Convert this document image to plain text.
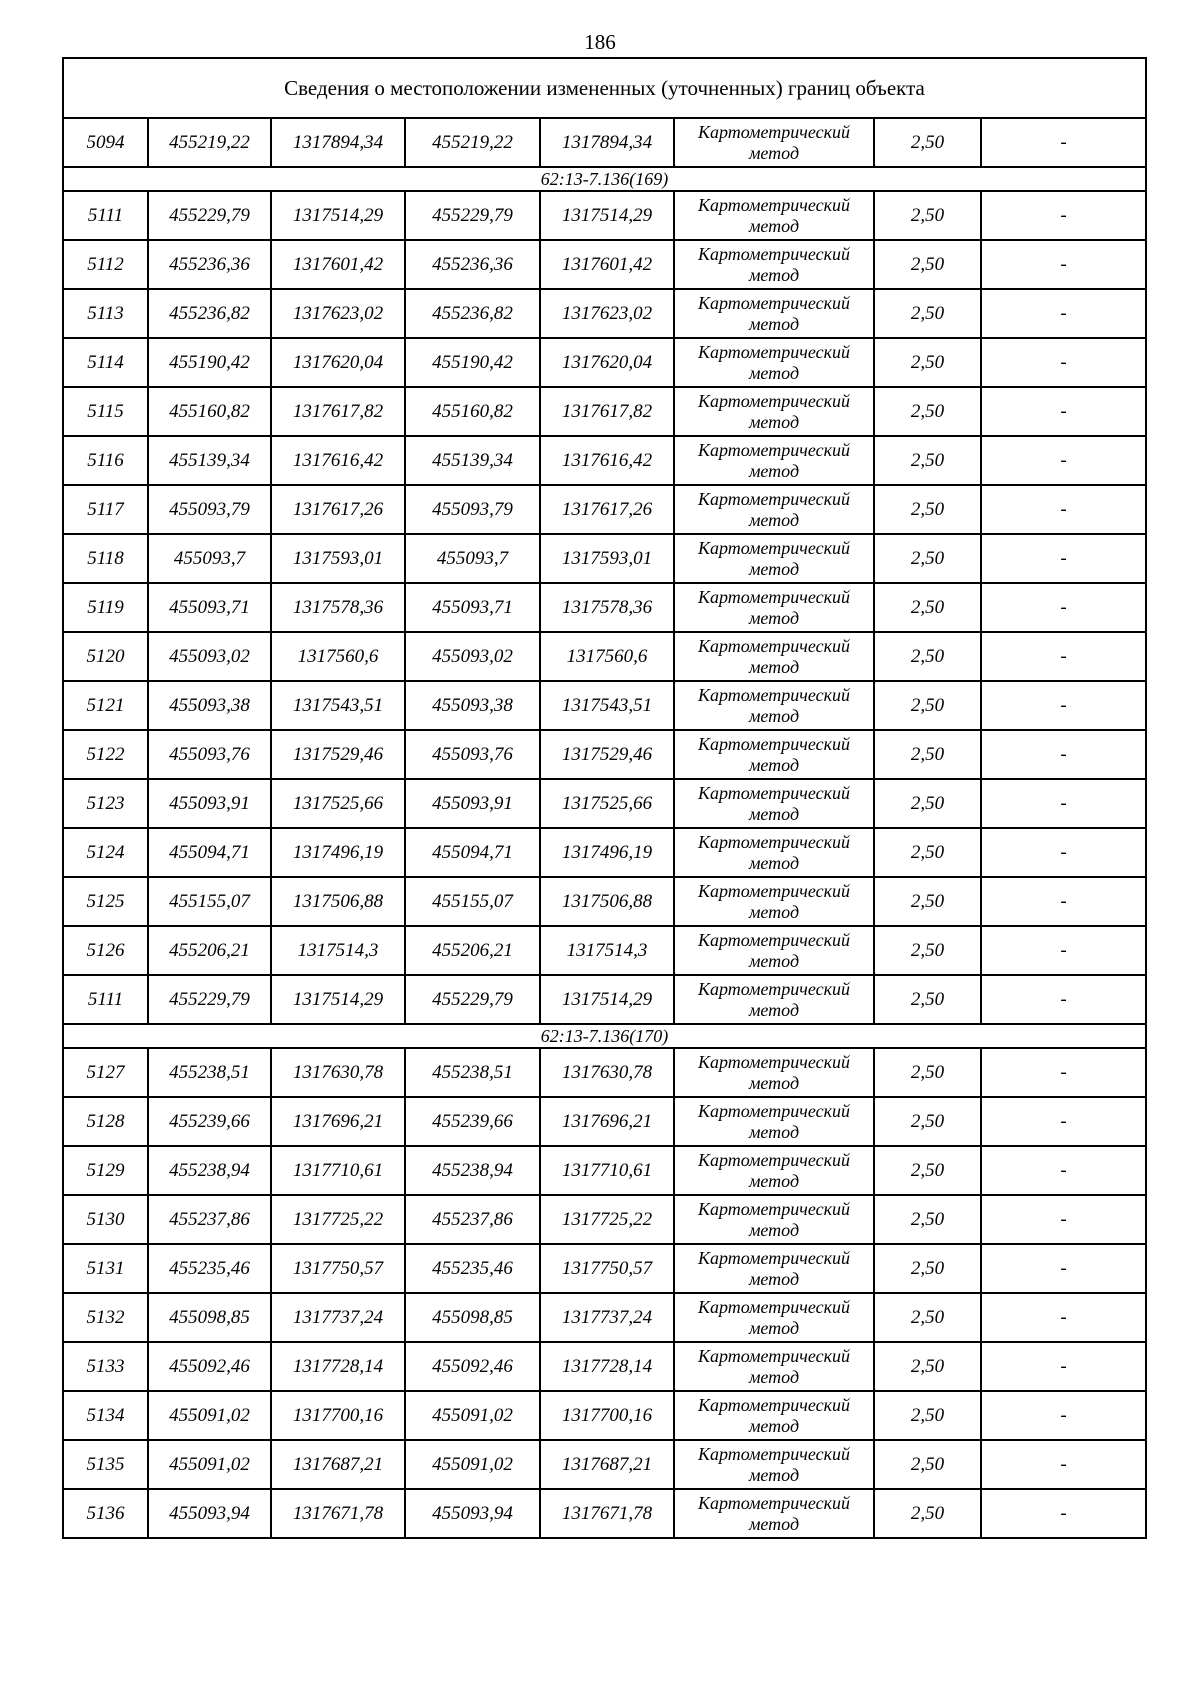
186
Сведения о местоположении измененных (уточненных) границ объекта							
5094	455219,22	1317894,34	455219,22	1317894,34	Картометрический метод	2,50	-
62:13-7.136(169)							
5111	455229,79	1317514,29	455229,79	1317514,29	Картометрический метод	2,50	-
5112	455236,36	1317601,42	455236,36	1317601,42	Картометрический метод	2,50	-
5113	455236,82	1317623,02	455236,82	1317623,02	Картометрический метод	2,50	-
5114	455190,42	1317620,04	455190,42	1317620,04	Картометрический метод	2,50	-
5115	455160,82	1317617,82	455160,82	1317617,82	Картометрический метод	2,50	-
5116	455139,34	1317616,42	455139,34	1317616,42	Картометрический метод	2,50	-
5117	455093,79	1317617,26	455093,79	1317617,26	Картометрический метод	2,50	-
5118	455093,7	1317593,01	455093,7	1317593,01	Картометрический метод	2,50	-
5119	455093,71	1317578,36	455093,71	1317578,36	Картометрический метод	2,50	-
5120	455093,02	1317560,6	455093,02	1317560,6	Картометрический метод	2,50	-
5121	455093,38	1317543,51	455093,38	1317543,51	Картометрический метод	2,50	-
5122	455093,76	1317529,46	455093,76	1317529,46	Картометрический метод	2,50	-
5123	455093,91	1317525,66	455093,91	1317525,66	Картометрический метод	2,50	-
5124	455094,71	1317496,19	455094,71	1317496,19	Картометрический метод	2,50	-
5125	455155,07	1317506,88	455155,07	1317506,88	Картометрический метод	2,50	-
5126	455206,21	1317514,3	455206,21	1317514,3	Картометрический метод	2,50	-
5111	455229,79	1317514,29	455229,79	1317514,29	Картометрический метод	2,50	-
62:13-7.136(170)							
5127	455238,51	1317630,78	455238,51	1317630,78	Картометрический метод	2,50	-
5128	455239,66	1317696,21	455239,66	1317696,21	Картометрический метод	2,50	-
5129	455238,94	1317710,61	455238,94	1317710,61	Картометрический метод	2,50	-
5130	455237,86	1317725,22	455237,86	1317725,22	Картометрический метод	2,50	-
5131	455235,46	1317750,57	455235,46	1317750,57	Картометрический метод	2,50	-
5132	455098,85	1317737,24	455098,85	1317737,24	Картометрический метод	2,50	-
5133	455092,46	1317728,14	455092,46	1317728,14	Картометрический метод	2,50	-
5134	455091,02	1317700,16	455091,02	1317700,16	Картометрический метод	2,50	-
5135	455091,02	1317687,21	455091,02	1317687,21	Картометрический метод	2,50	-
5136	455093,94	1317671,78	455093,94	1317671,78	Картометрический метод	2,50	-
